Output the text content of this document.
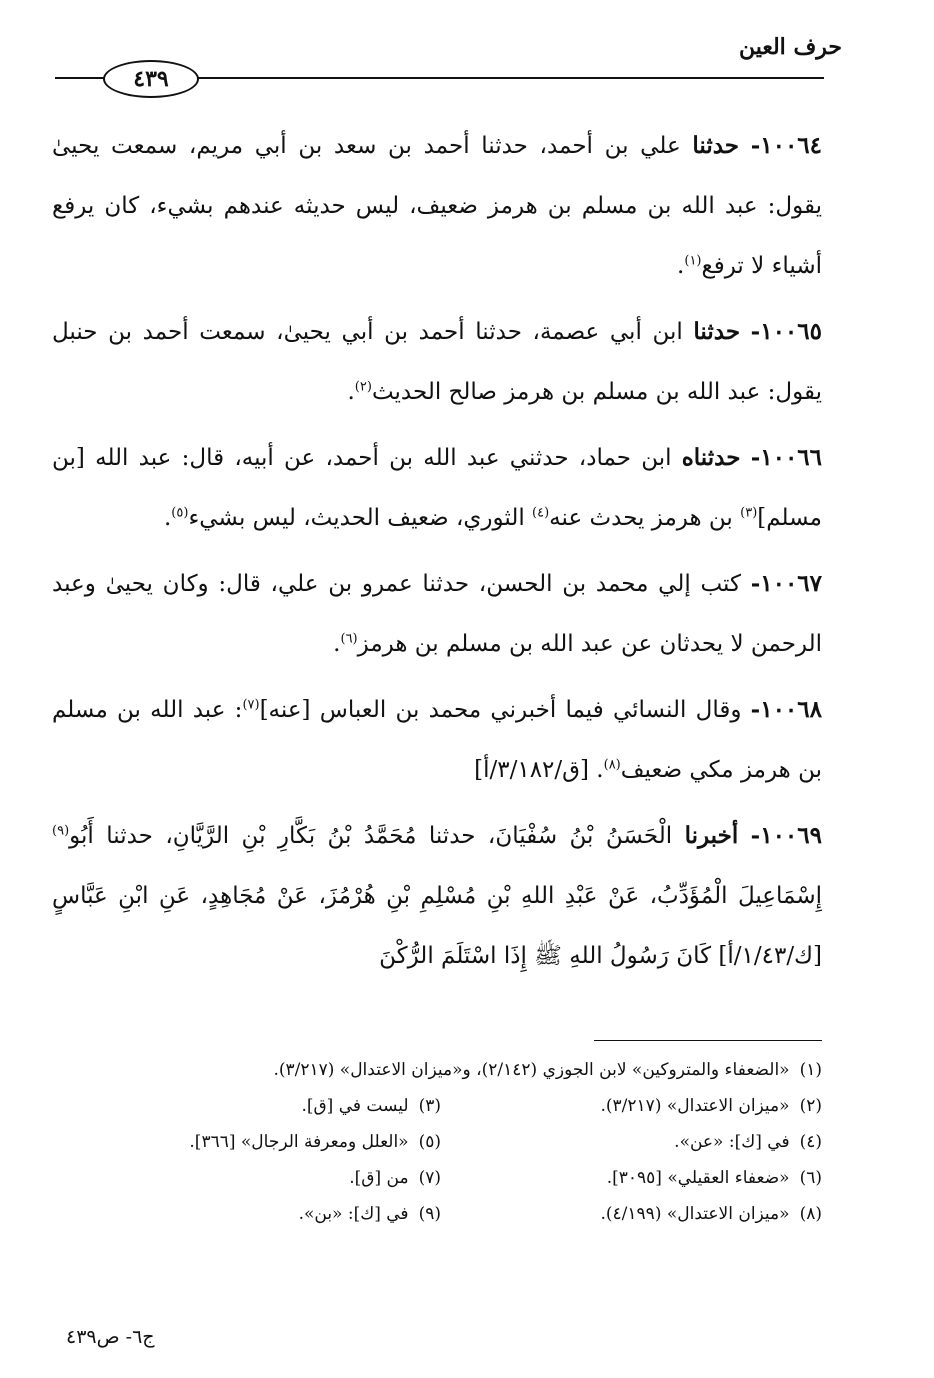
حرف العين
٤٣٩

١٠٠٦٤- حدثنا علي بن أحمد، حدثنا أحمد بن سعد بن أبي مريم، سمعت يحيىٰ يقول: عبد الله بن مسلم بن هرمز ضعيف، ليس حديثه عندهم بشيء، كان يرفع أشياء لا ترفع$^{(١)}$.

١٠٠٦٥- حدثنا ابن أبي عصمة، حدثنا أحمد بن أبي يحيىٰ، سمعت أحمد بن حنبل يقول: عبد الله بن مسلم بن هرمز صالح الحديث$^{(٢)}$.

١٠٠٦٦- حدثناه ابن حماد، حدثني عبد الله بن أحمد، عن أبيه، قال: عبد الله [بن مسلم]$^{(٣)}$ بن هرمز يحدث عنه$^{(٤)}$ الثوري، ضعيف الحديث، ليس بشيء$^{(٥)}$.

١٠٠٦٧- كتب إلي محمد بن الحسن، حدثنا عمرو بن علي، قال: وكان يحيىٰ وعبد الرحمن لا يحدثان عن عبد الله بن مسلم بن هرمز$^{(٦)}$.

١٠٠٦٨- وقال النسائي فيما أخبرني محمد بن العباس [عنه]$^{(٧)}$: عبد الله بن مسلم بن هرمز مكي ضعيف$^{(٨)}$. [ق/٣/١٨٢/أ]

١٠٠٦٩- أخبرنا الْحَسَنُ بْنُ سُفْيَانَ، حدثنا مُحَمَّدُ بْنُ بَكَّارِ بْنِ الرَّيَّانِ، حدثنا أَبُو$^{(٩)}$ إِسْمَاعِيلَ الْمُؤَدِّبُ، عَنْ عَبْدِ اللهِ بْنِ مُسْلِمِ بْنِ هُرْمُزَ، عَنْ مُجَاهِدٍ، عَنِ ابْنِ عَبَّاسٍ [ك/١/٤٣/أ] كَانَ رَسُولُ اللهِ ﷺ إِذَا اسْتَلَمَ الرُّكْنَ

(١)«الضعفاء والمتروكين» لابن الجوزي (٢/١٤٢)، و«ميزان الاعتدال» (٣/٢١٧).
(٢)«ميزان الاعتدال» (٣/٢١٧).
(٣)ليست في [ق].
(٤)في [ك]: «عن».
(٥)«العلل ومعرفة الرجال» [٣٦٦].
(٦)«ضعفاء العقيلي» [٣٠٩٥].
(٧)من [ق].
(٨)«ميزان الاعتدال» (٤/١٩٩).
(٩)في [ك]: «بن».
ج٦- ص٤٣٩
